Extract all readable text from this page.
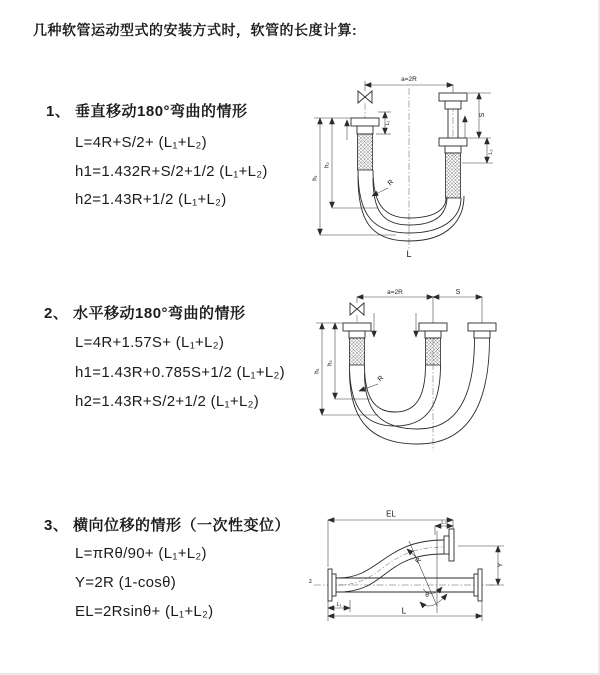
几种软管运动型式的安装方式时，软管的长度计算:
1、 垂直移动180°弯曲的情形
L=4R+S/2+ (L₁+L₂)
h1=1.432R+S/2+1/2 (L₁+L₂)
h2=1.43R+1/2 (L₁+L₂)
2、 水平移动180°弯曲的情形
L=4R+1.57S+ (L₁+L₂)
h1=1.43R+0.785S+1/2 (L₁+L₂)
h2=1.43R+S/2+1/2 (L₁+L₂)
3、 横向位移的情形（一次性变位）
L=πRθ/90+ (L₁+L₂)
Y=2R (1-cosθ)
EL=2Rsinθ+ (L₁+L₂)
a=2R
L₁
S
L₂
h₁
h₂
R
L
a=2R	S
h₁
h₂
R
EL
L₂
Y
z
θ
R
L
L₁
